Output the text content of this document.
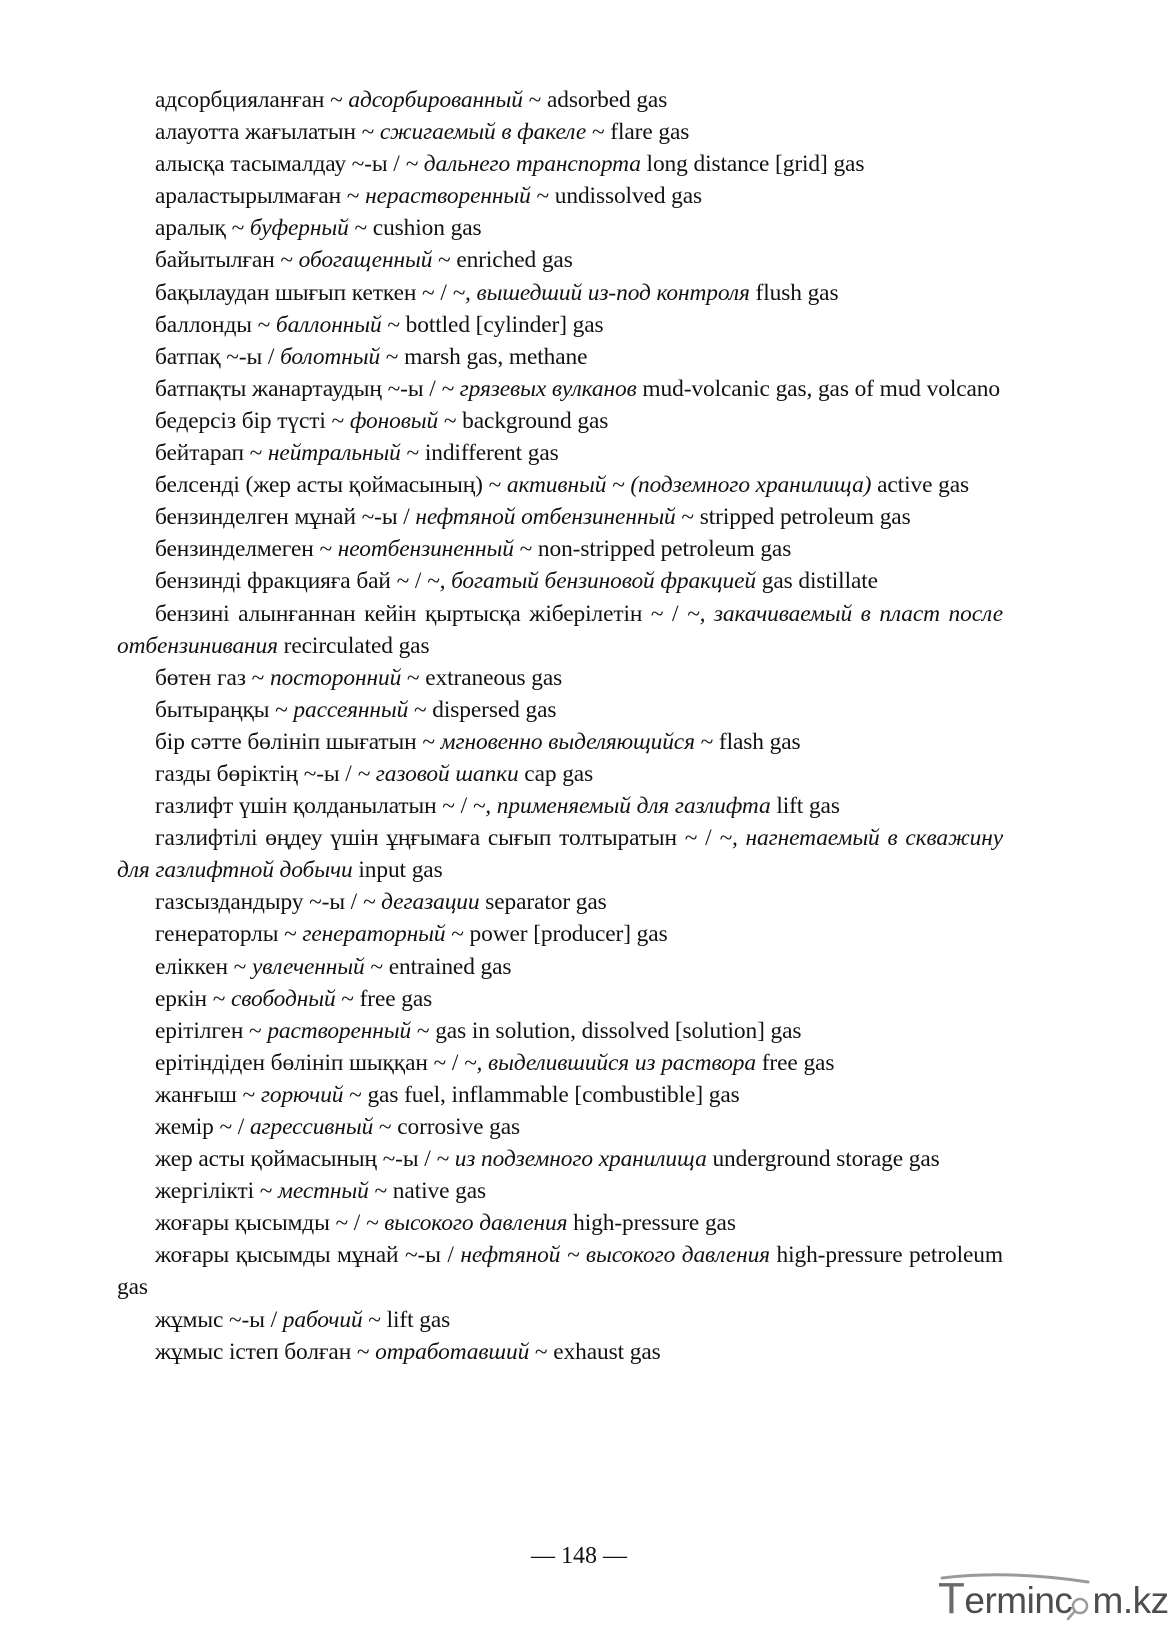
адсорбцияланған ~ адсорбированный ~ adsorbed gas
алауотта жағылатын ~ сжигаемый в факеле ~ flare gas
алысқа тасымалдау ~-ы / ~ дальнего транспорта long distance [grid] gas
араластырылмаған ~ нерастворенный ~ undissolved gas
аралық ~ буферный ~ cushion gas
байытылған ~ обогащенный ~ enriched gas
бақылаудан шығып кеткен ~ / ~, вышедший из-под контроля flush gas
баллонды ~ баллонный ~ bottled [cylinder] gas
батпақ ~-ы / болотный ~ marsh gas, methane
батпақты жанартаудың ~-ы / ~ грязевых вулканов mud-volcanic gas, gas of mud volcano
бедерсіз бір түсті ~ фоновый ~ background gas
бейтарап ~ нейтральный ~ indifferent gas
белсенді (жер асты қоймасының) ~ активный ~ (подземного хранилища) active gas
бензинделген мұнай ~-ы / нефтяной отбензиненный ~ stripped petroleum gas
бензинделмеген ~ неотбензиненный ~ non-stripped petroleum gas
бензинді фракцияға бай ~ / ~, богатый бензиновой фракцией gas distillate
бензині алынғаннан кейін қыртысқа жіберілетін ~ / ~, закачиваемый в пласт после отбензинивания recirculated gas
бөтен газ ~ посторонний ~ extraneous gas
бытыраңқы ~ рассеянный ~ dispersed gas
бір сәтте бөлініп шығатын ~ мгновенно выделяющийся ~ flash gas
газды бөріктің ~-ы / ~ газовой шапки cap gas
газлифт үшін қолданылатын ~ / ~, применяемый для газлифта lift gas
газлифтілі өңдеу үшін ұңғымаға сығып толтыратын ~ / ~, нагнетаемый в скважину для газлифтной добычи input gas
газсыздандыру ~-ы / ~ дегазации separator gas
генераторлы ~ генераторный ~ power [producer] gas
еліккен ~ увлеченный ~ entrained gas
еркін ~ свободный ~ free gas
ерітілген ~ растворенный ~ gas in solution, dissolved [solution] gas
ерітіндіден бөлініп шыққан ~ / ~, выделившийся из раствора free gas
жанғыш ~ горючий ~ gas fuel, inflammable [combustible] gas
жемір ~ / агрессивный ~ corrosive gas
жер асты қоймасының ~-ы / ~ из подземного хранилища underground storage gas
жергілікті ~ местный ~ native gas
жоғары қысымды ~ / ~ высокого давления high-pressure gas
жоғары қысымды мұнай ~-ы / нефтяной ~ высокого давления high-pressure petroleum gas
жұмыс ~-ы / рабочий ~ lift gas
жұмыс істеп болған ~ отработавший ~ exhaust gas
— 148 —
Terminc m.kz
